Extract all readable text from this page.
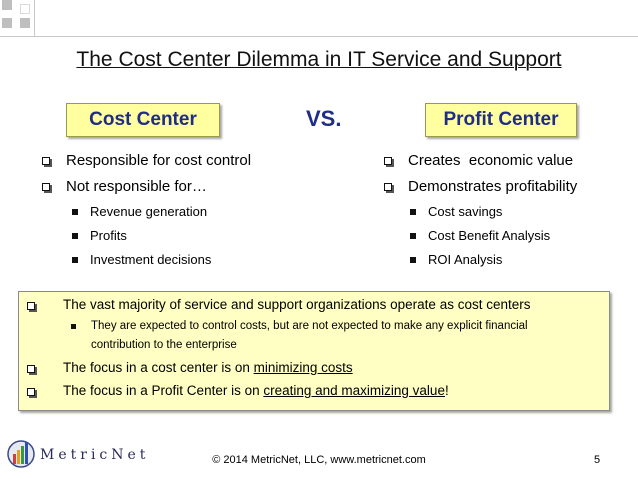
The Cost Center Dilemma in IT Service and Support
Cost Center	VS.	Profit Center
Responsible for cost control
Not responsible for…
Revenue generation
Profits
Investment decisions
Creates  economic value
Demonstrates profitability
Cost savings
Cost Benefit Analysis
ROI Analysis
The vast majority of service and support organizations operate as cost centers
They are expected to control costs, but are not expected to make any explicit financial
contribution to the enterprise
The focus in a cost center is on minimizing costs
The focus in a Profit Center is on creating and maximizing value!
MetricNet	© 2014 MetricNet, LLC, www.metricnet.com	5
